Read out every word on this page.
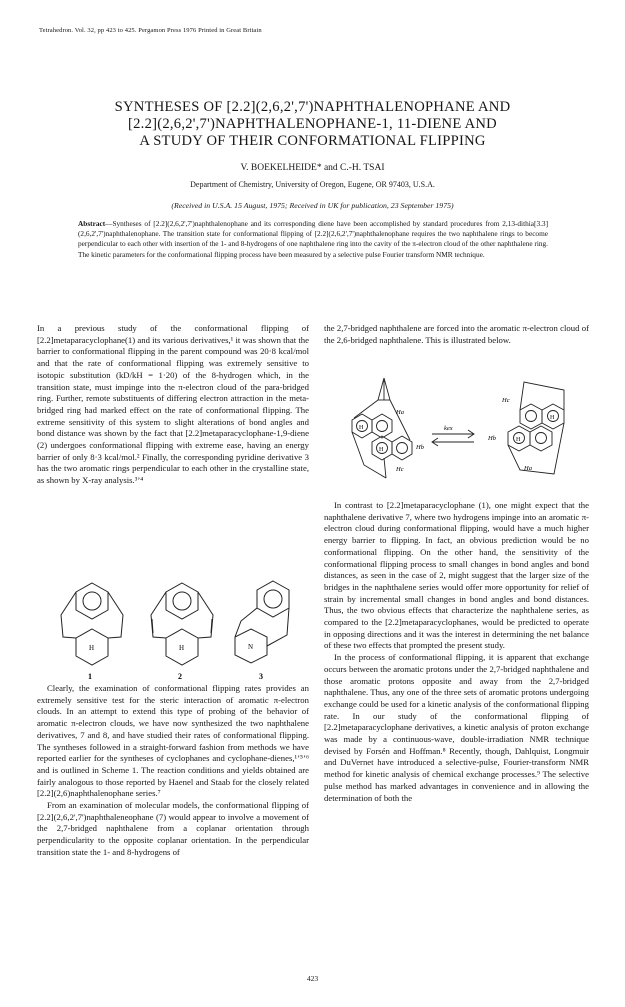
Tetrahedron. Vol. 32, pp 423 to 425. Pergamon Press 1976 Printed in Great Britain
SYNTHESES OF [2.2](2,6,2',7')NAPHTHALENOPHANE AND
[2.2](2,6,2',7')NAPHTHALENOPHANE-1, 11-DIENE AND
A STUDY OF THEIR CONFORMATIONAL FLIPPING
V. BOEKELHEIDE* and C.-H. TSAI
Department of Chemistry, University of Oregon, Eugene, OR 97403, U.S.A.
(Received in U.S.A. 15 August, 1975; Received in UK for publication, 23 September 1975)
Abstract—Syntheses of [2.2](2,6,2',7')naphthalenophane and its corresponding diene have been accomplished by standard procedures from 2,13-dithia[3.3](2,6,2',7')naphthalenophane. The transition state for conformational flipping of [2.2](2,6,2',7')naphthalenophane requires the two naphthalene rings to become perpendicular to each other with insertion of the 1- and 8-hydrogens of one naphthalene ring into the cavity of the π-electron cloud of the other naphthalene ring. The kinetic parameters for the conformational flipping process have been measured by a selective pulse Fourier transform NMR technique.

In a previous study of the conformational flipping of [2.2]metaparacyclophane(1) and its various derivatives,¹ it was shown that the barrier to conformational flipping in the parent compound was 20·8 kcal/mol and that the rate of conformational flipping was extremely sensitive to isotopic substitution (kD/kH = 1·20) of the 8-hydrogen which, in the transition state, must impinge into the π-electron cloud of the para-bridged ring. Further, remote substituents of differing electron attraction in the meta-bridged ring had marked effect on the rate of conformational flipping. The extreme sensitivity of this system to slight alterations of bond angles and bond distance was shown by the fact that [2.2]metaparacyclophane-1,9-diene (2) undergoes conformational flipping with extreme ease, having an energy barrier of only 8·3 kcal/mol.² Finally, the corresponding pyridine derivative 3 has the two aromatic rings perpendicular to each other in the crystalline state, as shown by X-ray analysis.³ʼ⁴

H	H	N
1	2	3

Clearly, the examination of conformational flipping rates provides an extremely sensitive test for the steric interaction of aromatic π-electron clouds. In an attempt to extend this type of probing of the behavior of aromatic π-electron clouds, we have now synthesized the two naphthalene derivatives, 7 and 8, and have studied their rates of conformational flipping. The syntheses followed in a straight-forward fashion from methods we have reported earlier for the syntheses of cyclophanes and cyclophane-dienes,¹ʼ⁵ʼ⁶ and is outlined in Scheme 1. The reaction conditions and yields obtained are fairly analogous to those reported by Haenel and Staab for the closely related [2.2](2,6)naphthalenophane series.⁷

From an examination of molecular models, the conformational flipping of [2.2](2,6,2',7')naphthaleneophane (7) would appear to involve a movement of the 2,7-bridged naphthalene from a coplanar orientation through perpendicularity to the opposite coplanar orientation. In the perpendicular transition state the 1- and 8-hydrogens of

the 2,7-bridged naphthalene are forced into the aromatic π-electron cloud of the 2,6-bridged naphthalene. This is illustrated below.

H
H
Ha
Hb
Hc
kex
Hc
Hb
Ha
H
H

In contrast to [2.2]metaparacyclophane (1), one might expect that the naphthalene derivative 7, where two hydrogens impinge into an aromatic π-electron cloud during conformational flipping, would have a much higher energy barrier to flipping. In fact, an obvious prediction would be no conformational flipping. On the other hand, the sensitivity of the conformational flipping process to small changes in bond angles and bond distances, as seen in the case of 2, might suggest that the larger size of the bridges in the naphthalene series would offer more opportunity for relief of strain by incremental small changes in bond angles and bond distances. Thus, the two obvious effects that characterize the naphthalene series, as compared to the [2.2]metaparacyclophanes, would be predicted to operate in opposing directions and it was the interest in determining the net balance of these two effects that prompted the present study.

In the process of conformational flipping, it is apparent that exchange occurs between the aromatic protons under the 2,7-bridged naphthalene and those aromatic protons opposite and away from the 2,7-bridged naphthalene. Thus, any one of the three sets of aromatic protons undergoing exchange could be used for a kinetic analysis of the conformational flipping rate. In our study of the conformational flipping of [2.2]metaparacyclophane derivatives, a kinetic analysis of proton exchange was made by a continuous-wave, double-irradiation NMR technique devised by Forsén and Hoffman.⁸ Recently, though, Dahlquist, Longmuir and DuVernet have introduced a selective-pulse, Fourier-transform NMR method for kinetic analysis of chemical exchange processes.⁹ The selective pulse method has marked advantages in convenience and in allowing the determination of both the

423
